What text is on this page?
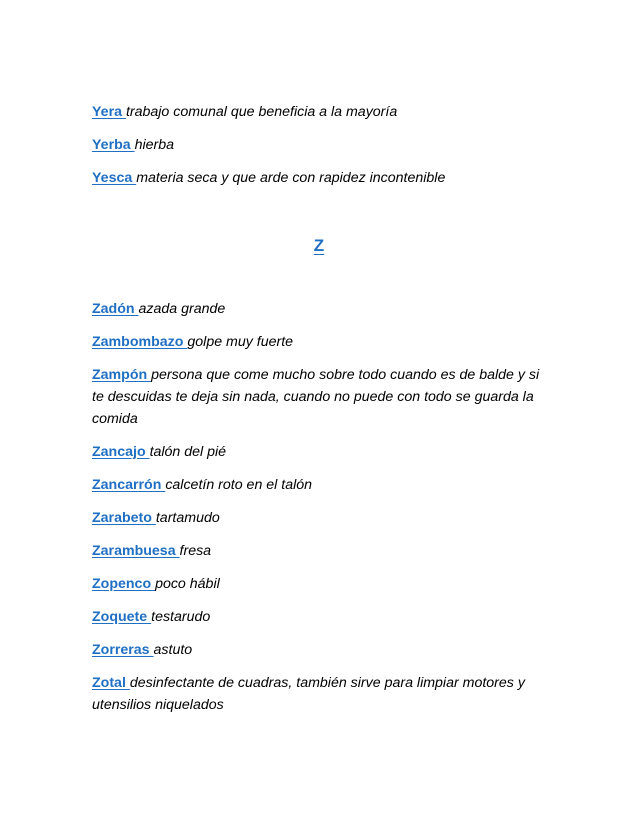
Yera trabajo comunal que beneficia a la mayoría
Yerba hierba
Yesca materia seca y que arde con rapidez incontenible
Z
Zadón azada grande
Zambombazo golpe muy fuerte
Zampón persona que come mucho sobre todo cuando es de balde y si te descuidas te deja sin nada, cuando no puede con todo se guarda la comida
Zancajo talón del pié
Zancarrón calcetín roto en el talón
Zarabeto tartamudo
Zarambuesa fresa
Zopenco poco hábil
Zoquete testarudo
Zorreras astuto
Zotal desinfectante de cuadras, también sirve para limpiar motores y utensilios niquelados
